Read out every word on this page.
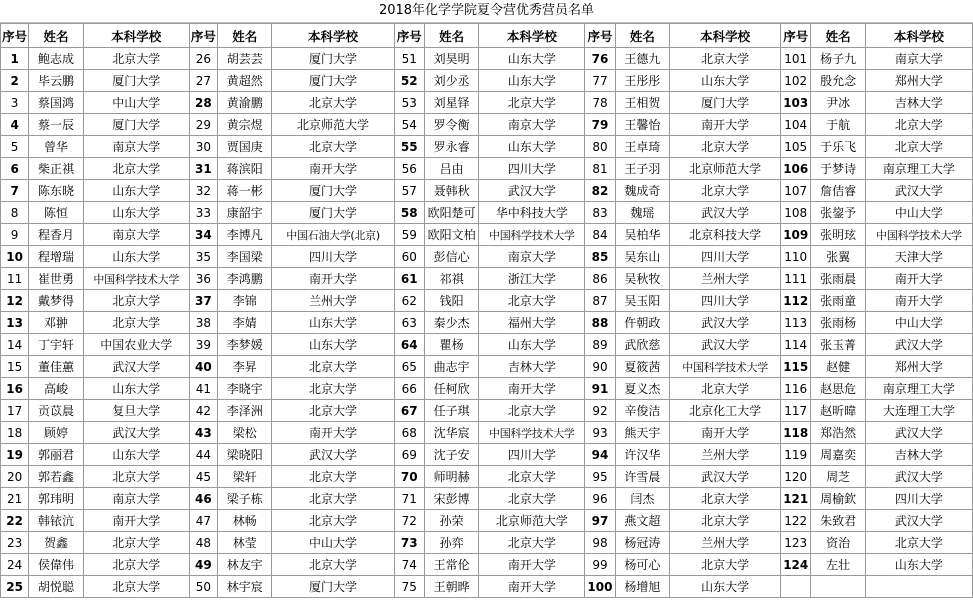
2018年化学学院夏令营优秀营员名单
序号	姓名	本科学校	序号	姓名	本科学校	序号	姓名	本科学校	序号	姓名	本科学校	序号	姓名	本科学校
1	鲍志成	北京大学	26	胡芸芸	厦门大学	51	刘昊明	山东大学	76	王德九	北京大学	101	杨子九	南京大学
2	毕云鹏	厦门大学	27	黄超然	厦门大学	52	刘少丞	山东大学	77	王彤彤	山东大学	102	殷允念	郑州大学
3	蔡国鸿	中山大学	28	黄渝鹏	北京大学	53	刘星铎	北京大学	78	王相贺	厦门大学	103	尹冰	吉林大学
4	蔡一辰	厦门大学	29	黄宗煜	北京师范大学	54	罗令衡	南京大学	79	王馨怡	南开大学	104	于航	北京大学
5	曾华	南京大学	30	贾国庚	北京大学	55	罗永睿	山东大学	80	王卓琦	北京大学	105	于乐飞	北京大学
6	柴正祺	北京大学	31	蒋滨阳	南开大学	56	吕由	四川大学	81	王子羽	北京师范大学	106	于梦诗	南京理工大学
7	陈东晓	山东大学	32	蒋一彬	厦门大学	57	聂韩秋	武汉大学	82	魏成奇	北京大学	107	詹佶睿	武汉大学
8	陈恒	山东大学	33	康韶宇	厦门大学	58	欧阳楚可	华中科技大学	83	魏瑶	武汉大学	108	张鋆予	中山大学
9	程香月	南京大学	34	李博凡	中国石油大学(北京)	59	欧阳文柏	中国科学技术大学	84	吴柏华	北京科技大学	109	张明玹	中国科学技术大学
10	程增瑞	山东大学	35	李国梁	四川大学	60	彭信心	南京大学	85	吴东山	四川大学	110	张翼	天津大学
11	崔世勇	中国科学技术大学	36	李鸿鹏	南开大学	61	祁祺	浙江大学	86	吴秋牧	兰州大学	111	张雨晨	南开大学
12	戴梦得	北京大学	37	李锦	兰州大学	62	钱阳	北京大学	87	吴玉阳	四川大学	112	张雨童	南开大学
13	邓翀	北京大学	38	李婧	山东大学	63	秦少杰	福州大学	88	仵朝政	武汉大学	113	张雨杨	中山大学
14	丁宇轩	中国农业大学	39	李梦媛	山东大学	64	瞿杨	山东大学	89	武欣慈	武汉大学	114	张玉菁	武汉大学
15	董佳蕙	武汉大学	40	李昇	北京大学	65	曲志宇	吉林大学	90	夏筱茜	中国科学技术大学	115	赵健	郑州大学
16	高峻	山东大学	41	李晓宇	北京大学	66	任柯欣	南开大学	91	夏义杰	北京大学	116	赵思危	南京理工大学
17	贡苡晨	复旦大学	42	李泽洲	北京大学	67	任子琪	北京大学	92	辛俊洁	北京化工大学	117	赵昕暐	大连理工大学
18	顾婷	武汉大学	43	梁松	南开大学	68	沈华宸	中国科学技术大学	93	熊天宇	南开大学	118	郑浩然	武汉大学
19	郭丽君	山东大学	44	梁晓阳	武汉大学	69	沈子安	四川大学	94	许汉华	兰州大学	119	周嘉奕	吉林大学
20	郭若鑫	北京大学	45	梁轩	北京大学	70	师明赫	北京大学	95	许雪晨	武汉大学	120	周芝	武汉大学
21	郭玮明	南京大学	46	梁子栋	北京大学	71	宋彭博	北京大学	96	闫杰	北京大学	121	周榆欽	四川大学
22	韩铱沆	南开大学	47	林畅	北京大学	72	孙荣	北京师范大学	97	燕文超	北京大学	122	朱致君	武汉大学
23	贺鑫	北京大学	48	林莹	中山大学	73	孙弈	北京大学	98	杨冠涛	兰州大学	123	资治	北京大学
24	侯偉伟	北京大学	49	林友宇	北京大学	74	王常伦	南开大学	99	杨可心	北京大学	124	左壮	山东大学
25	胡悦聪	北京大学	50	林宇宸	厦门大学	75	王朝晔	南开大学	100	杨增旭	山东大学			
